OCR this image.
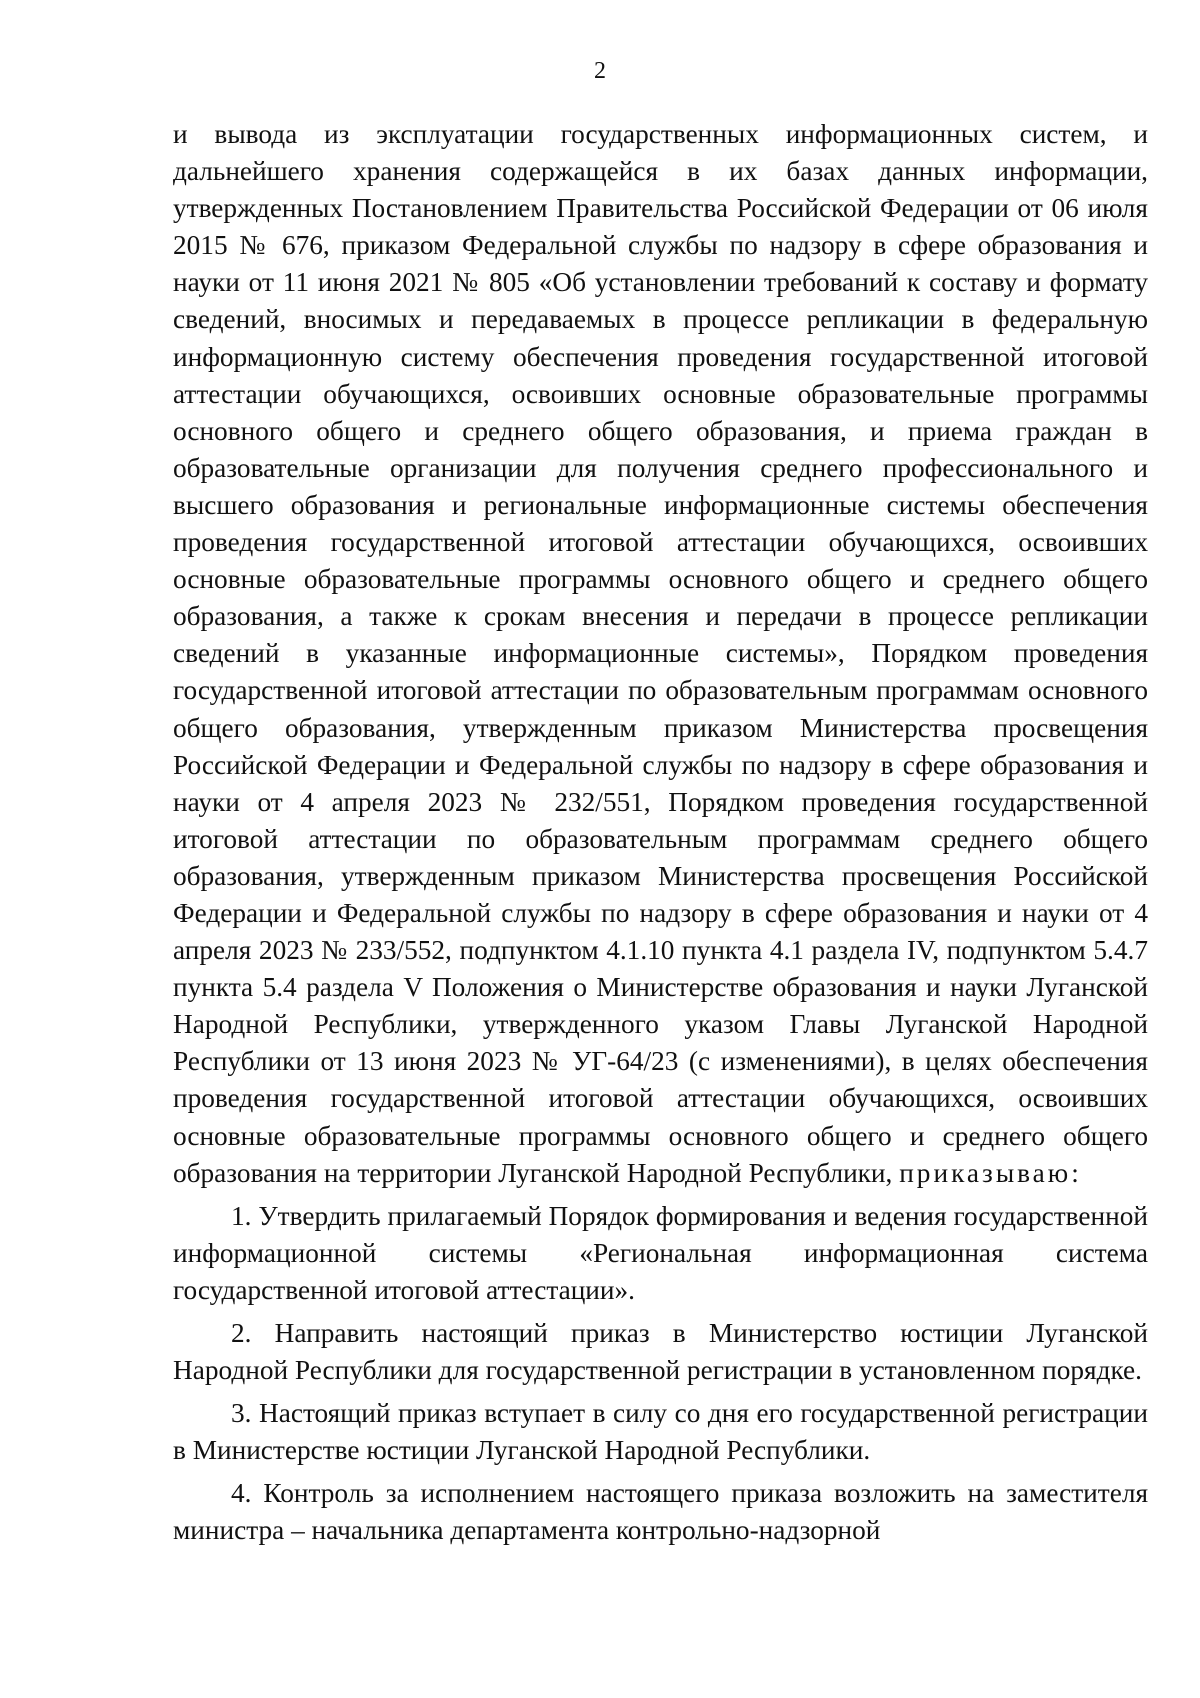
2

и вывода из эксплуатации государственных информационных систем, и дальнейшего хранения содержащейся в их базах данных информации, утвержденных Постановлением Правительства Российской Федерации от 06 июля 2015 № 676, приказом Федеральной службы по надзору в сфере образования и науки от 11 июня 2021 № 805 «Об установлении требований к составу и формату сведений, вносимых и передаваемых в процессе репликации в федеральную информационную систему обеспечения проведения государственной итоговой аттестации обучающихся, освоивших основные образовательные программы основного общего и среднего общего образования, и приема граждан в образовательные организации для получения среднего профессионального и высшего образования и региональные информационные системы обеспечения проведения государственной итоговой аттестации обучающихся, освоивших основные образовательные программы основного общего и среднего общего образования, а также к срокам внесения и передачи в процессе репликации сведений в указанные информационные системы», Порядком проведения государственной итоговой аттестации по образовательным программам основного общего образования, утвержденным приказом Министерства просвещения Российской Федерации и Федеральной службы по надзору в сфере образования и науки от 4 апреля 2023 № 232/551, Порядком проведения государственной итоговой аттестации по образовательным программам среднего общего образования, утвержденным приказом Министерства просвещения Российской Федерации и Федеральной службы по надзору в сфере образования и науки от 4 апреля 2023 № 233/552, подпунктом 4.1.10 пункта 4.1 раздела IV, подпунктом 5.4.7 пункта 5.4 раздела V Положения о Министерстве образования и науки Луганской Народной Республики, утвержденного указом Главы Луганской Народной Республики от 13 июня 2023 № УГ-64/23 (с изменениями), в целях обеспечения проведения государственной итоговой аттестации обучающихся, освоивших основные образовательные программы основного общего и среднего общего образования на территории Луганской Народной Республики, приказываю:

1. Утвердить прилагаемый Порядок формирования и ведения государственной информационной системы «Региональная информационная система государственной итоговой аттестации».

2. Направить настоящий приказ в Министерство юстиции Луганской Народной Республики для государственной регистрации в установленном порядке.

3. Настоящий приказ вступает в силу со дня его государственной регистрации в Министерстве юстиции Луганской Народной Республики.

4. Контроль за исполнением настоящего приказа возложить на заместителя министра – начальника департамента контрольно-надзорной
